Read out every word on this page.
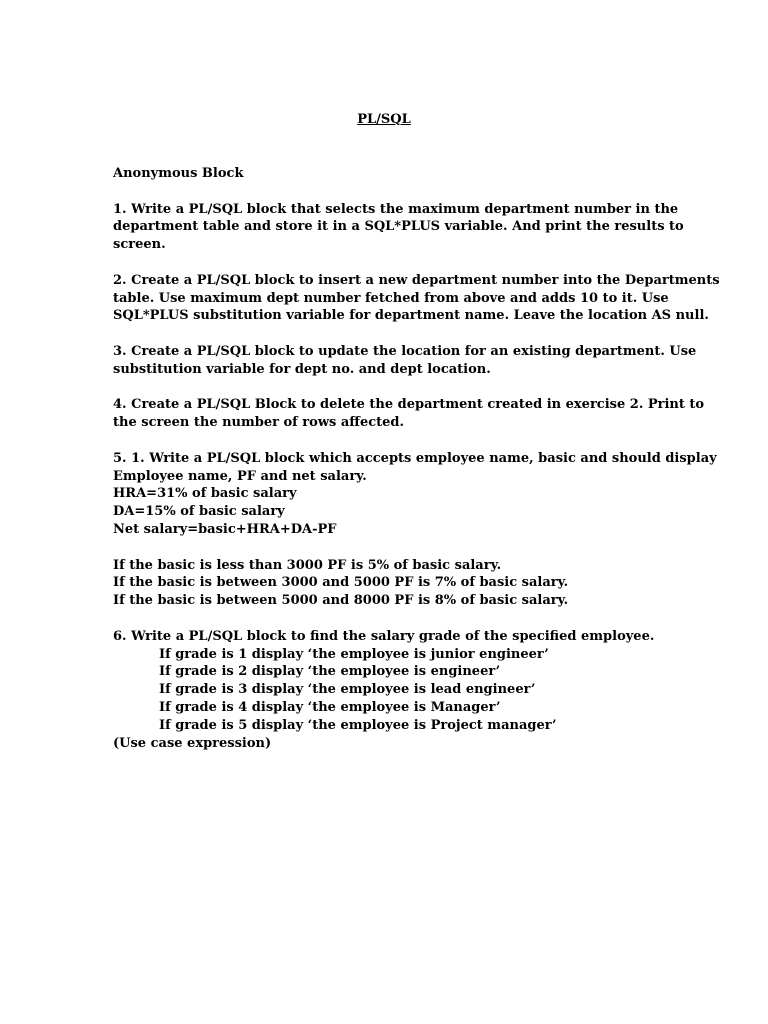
PL/SQL

Anonymous Block

1. Write a PL/SQL block that selects the maximum department number in the
department table and store it in a SQL*PLUS variable. And print the results to
screen.

2. Create a PL/SQL block to insert a new department number into the Departments
table. Use maximum dept number fetched from above and adds 10 to it. Use
SQL*PLUS substitution variable for department name. Leave the location AS null.

3. Create a PL/SQL block to update the location for an existing department. Use
substitution variable for dept no. and dept location.

4. Create a PL/SQL Block to delete the department created in exercise 2. Print to
the screen the number of rows affected.

5. 1. Write a PL/SQL block which accepts employee name, basic and should display
Employee name, PF and net salary.
HRA=31% of basic salary
DA=15% of basic salary
Net salary=basic+HRA+DA-PF

If the basic is less than 3000 PF is 5% of basic salary.
If the basic is between 3000 and 5000 PF is 7% of basic salary.
If the basic is between 5000 and 8000 PF is 8% of basic salary.

6. Write a PL/SQL block to find the salary grade of the specified employee.
If grade is 1 display ‘the employee is junior engineer’
If grade is 2 display ‘the employee is engineer’
If grade is 3 display ‘the employee is lead engineer’
If grade is 4 display ‘the employee is Manager’
If grade is 5 display ‘the employee is Project manager’
(Use case expression)
